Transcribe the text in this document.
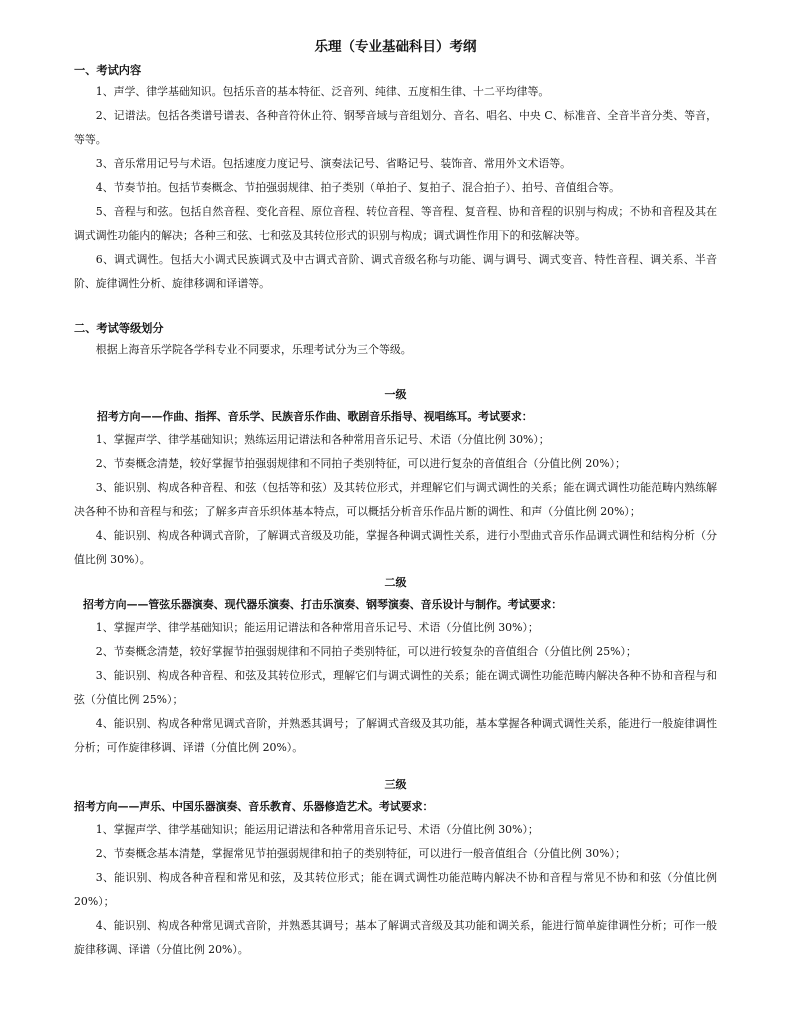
乐理（专业基础科目）考纲
一、考试内容

1、声学、律学基础知识。包括乐音的基本特征、泛音列、纯律、五度相生律、十二平均律等。

2、记谱法。包括各类谱号谱表、各种音符休止符、钢琴音域与音组划分、音名、唱名、中央 C、标准音、全音半音分类、等音，等等。

3、音乐常用记号与术语。包括速度力度记号、演奏法记号、省略记号、装饰音、常用外文术语等。

4、节奏节拍。包括节奏概念、节拍强弱规律、拍子类别（单拍子、复拍子、混合拍子）、拍号、音值组合等。

5、音程与和弦。包括自然音程、变化音程、原位音程、转位音程、等音程、复音程、协和音程的识别与构成；不协和音程及其在调式调性功能内的解决；各种三和弦、七和弦及其转位形式的识别与构成；调式调性作用下的和弦解决等。

6、调式调性。包括大小调式民族调式及中古调式音阶、调式音级名称与功能、调与调号、调式变音、特性音程、调关系、半音阶、旋律调性分析、旋律移调和译谱等。

二、考试等级划分

根据上海音乐学院各学科专业不同要求，乐理考试分为三个等级。

一级

招考方向——作曲、指挥、音乐学、民族音乐作曲、歌剧音乐指导、视唱练耳。考试要求：

1、掌握声学、律学基础知识；熟练运用记谱法和各种常用音乐记号、术语（分值比例 30%）；

2、节奏概念清楚，较好掌握节拍强弱规律和不同拍子类别特征，可以进行复杂的音值组合（分值比例 20%）；

3、能识别、构成各种音程、和弦（包括等和弦）及其转位形式，并理解它们与调式调性的关系；能在调式调性功能范畴内熟练解决各种不协和音程与和弦；了解多声音乐织体基本特点，可以概括分析音乐作品片断的调性、和声（分值比例 20%）；

4、能识别、构成各种调式音阶，了解调式音级及功能，掌握各种调式调性关系，进行小型曲式音乐作品调式调性和结构分析（分值比例 30%）。

二级

招考方向——管弦乐器演奏、现代器乐演奏、打击乐演奏、钢琴演奏、音乐设计与制作。考试要求：

1、掌握声学、律学基础知识；能运用记谱法和各种常用音乐记号、术语（分值比例 30%）；

2、节奏概念清楚，较好掌握节拍强弱规律和不同拍子类别特征，可以进行较复杂的音值组合（分值比例 25%）；

3、能识别、构成各种音程、和弦及其转位形式，理解它们与调式调性的关系；能在调式调性功能范畴内解决各种不协和音程与和弦（分值比例 25%）；

4、能识别、构成各种常见调式音阶，并熟悉其调号；了解调式音级及其功能，基本掌握各种调式调性关系，能进行一般旋律调性分析；可作旋律移调、译谱（分值比例 20%）。

三级

招考方向——声乐、中国乐器演奏、音乐教育、乐器修造艺术。考试要求：

1、掌握声学、律学基础知识；能运用记谱法和各种常用音乐记号、术语（分值比例 30%）；

2、节奏概念基本清楚，掌握常见节拍强弱规律和拍子的类别特征，可以进行一般音值组合（分值比例 30%）；

3、能识别、构成各种音程和常见和弦，及其转位形式；能在调式调性功能范畴内解决不协和音程与常见不协和和弦（分值比例 20%）；

4、能识别、构成各种常见调式音阶，并熟悉其调号；基本了解调式音级及其功能和调关系，能进行简单旋律调性分析；可作一般旋律移调、译谱（分值比例 20%）。
